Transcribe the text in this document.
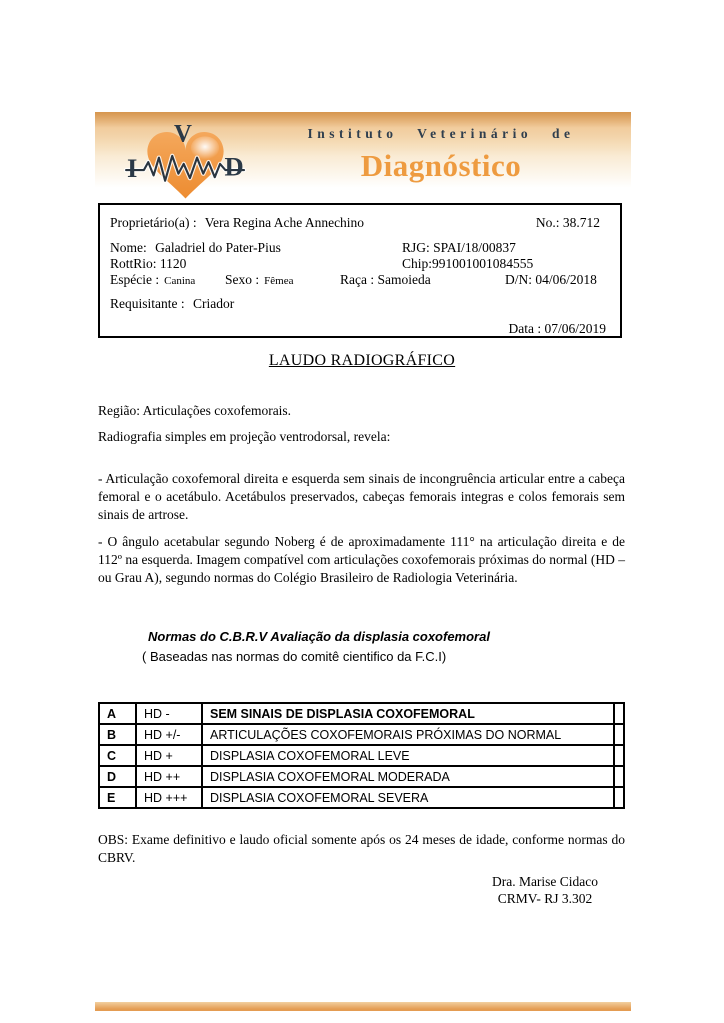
I
V
D
Instituto Veterinário de
Diagnóstico
Proprietário(a) : Vera Regina Ache Annechino	No.: 38.712
Nome: Galadriel do Pater-Pius	RJG: SPAI/18/00837
RottRio: 1120	Chip:991001001084555
Espécie : Canina Sexo : Fêmea	Raça : Samoieda	D/N: 04/06/2018
Requisitante : Criador
Data : 07/06/2019
LAUDO RADIOGRÁFICO
Região: Articulações coxofemorais.
Radiografia simples em projeção ventrodorsal, revela:
- Articulação coxofemoral direita e esquerda sem sinais de incongruência articular entre a cabeça femoral e o acetábulo. Acetábulos preservados, cabeças femorais integras e colos femorais sem sinais de artrose.
- O ângulo acetabular segundo Noberg é de aproximadamente 111° na articulação direita e de 112º na esquerda. Imagem compatível com articulações coxofemorais próximas do normal (HD – ou Grau A), segundo normas do Colégio Brasileiro de Radiologia Veterinária.
Normas do C.B.R.V Avaliação da displasia coxofemoral
( Baseadas nas normas do comitê cientifico da F.C.I)
A	HD -	SEM SINAIS DE DISPLASIA COXOFEMORAL	
B	HD +/-	ARTICULAÇÕES COXOFEMORAIS PRÓXIMAS DO NORMAL	
C	HD +	DISPLASIA COXOFEMORAL LEVE	
D	HD ++	DISPLASIA COXOFEMORAL MODERADA	
E	HD +++	DISPLASIA COXOFEMORAL SEVERA	
OBS: Exame definitivo e laudo oficial somente após os 24 meses de idade, conforme normas do CBRV.
Dra. Marise Cidaco
CRMV- RJ 3.302
